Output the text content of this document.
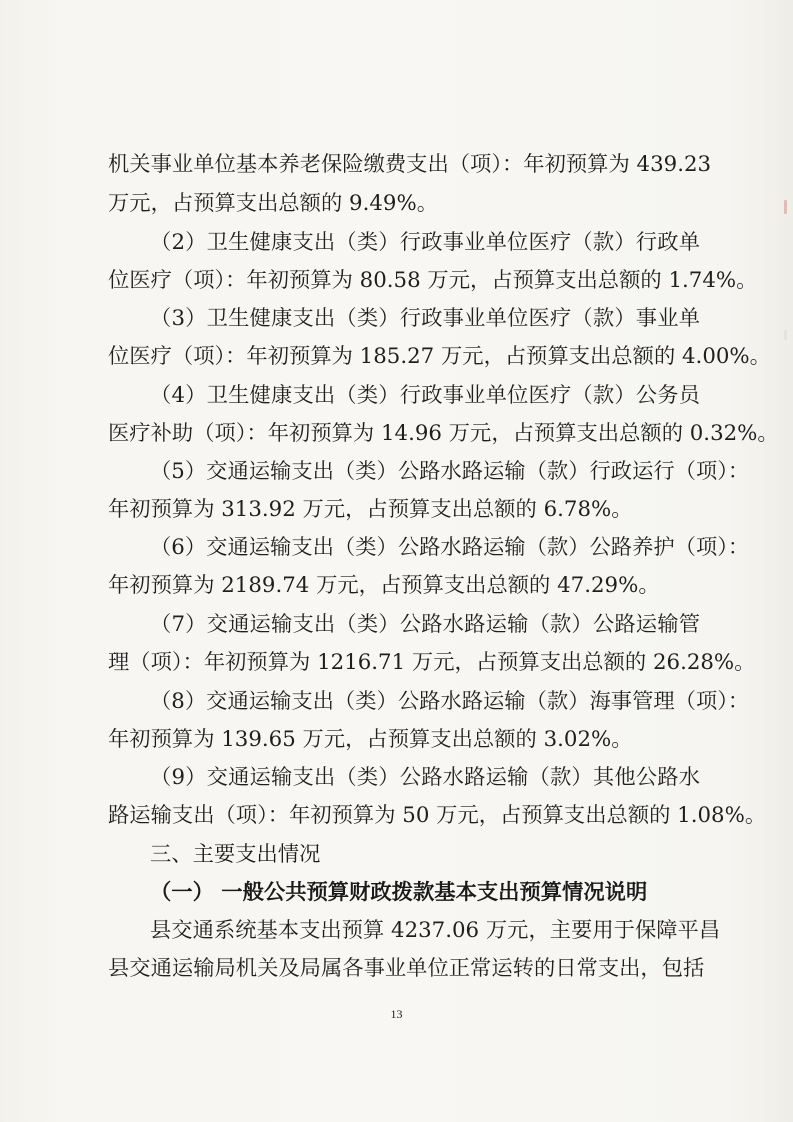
机关事业单位基本养老保险缴费支出（项）：年初预算为 439.23
万元，占预算支出总额的 9.49%。
（2）卫生健康支出（类）行政事业单位医疗（款）行政单
位医疗（项）：年初预算为 80.58 万元，占预算支出总额的 1.74%。
（3）卫生健康支出（类）行政事业单位医疗（款）事业单
位医疗（项）：年初预算为 185.27 万元，占预算支出总额的 4.00%。
（4）卫生健康支出（类）行政事业单位医疗（款）公务员
医疗补助（项）：年初预算为 14.96 万元，占预算支出总额的 0.32%。
（5）交通运输支出（类）公路水路运输（款）行政运行（项）：
年初预算为 313.92 万元，占预算支出总额的 6.78%。
（6）交通运输支出（类）公路水路运输（款）公路养护（项）：
年初预算为 2189.74 万元，占预算支出总额的 47.29%。
（7）交通运输支出（类）公路水路运输（款）公路运输管
理（项）：年初预算为 1216.71 万元，占预算支出总额的 26.28%。
（8）交通运输支出（类）公路水路运输（款）海事管理（项）：
年初预算为 139.65 万元，占预算支出总额的 3.02%。
（9）交通运输支出（类）公路水路运输（款）其他公路水
路运输支出（项）：年初预算为 50 万元，占预算支出总额的 1.08%。
三、主要支出情况
（一） 一般公共预算财政拨款基本支出预算情况说明
县交通系统基本支出预算 4237.06 万元，主要用于保障平昌
县交通运输局机关及局属各事业单位正常运转的日常支出，包括
13
